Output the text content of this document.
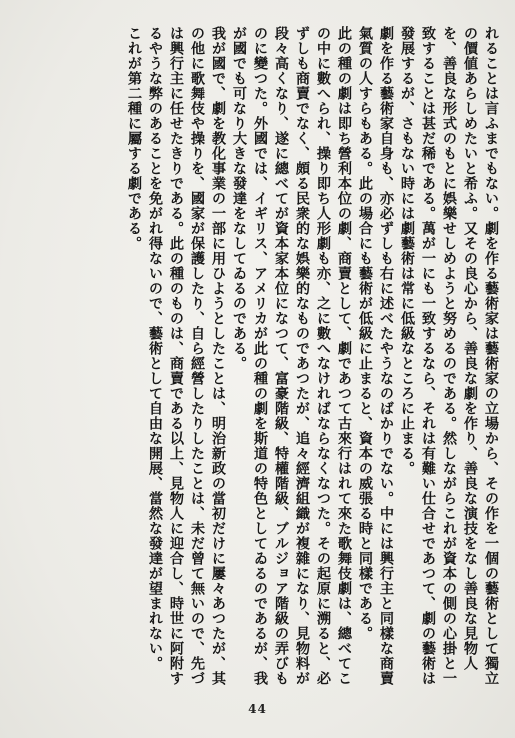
れることは言ふまでもない。劇を作る藝術家は藝術家の立場から、その作を一個の藝術として獨立の價値あらしめたいと希ふ。又その良心から、善良な劇を作り、善良な演技をなし善良な見物人を、善良な形式のもとに娯樂せしめようと努めるのである。然しながらこれが資本の側の心掛と一致することは甚だ稀である。萬が一にも一致するなら、それは有難い仕合せであつて、劇の藝術は發展するが、さもない時には劇藝術は常に低級なところに止まる。

劇を作る藝術家自身も、亦必ずしも右に述べたやうなのばかりでない。中には興行主と同樣な商賣氣質の人すらもある。此の場合にも藝術が低級に止まると、資本の威張る時と同樣である。

此の種の劇は即ち營利本位の劇、商賣として、劇であつて古來行はれて來た歌舞伎劇は、總べてこの中に數へられ、操り即ち人形劇も亦、之に數へなければならなくなつた。その起原に溯ると、必ずしも商賣でなく、頗る民衆的な娯樂的なものであつたが、追々經濟組織が複雜になり、見物料が段々高くなり、遂に總べてが資本家本位になつて、富豪階級、特權階級、ブルジョア階級の弄びものに變つた。外國では、イギリス、アメリカが此の種の劇を斯道の特色としてゐるのであるが、我が國でも可なり大きな發達をなしてゐるのである。

我が國で、劇を教化事業の一部に用ひようとしたことは、明治新政の當初だけに屢々あつたが、其の他に歌舞伎や操りを、國家が保護したり、自ら經營したりしたことは、未だ曾て無いので、先づは興行主に任せたきりである。此の種のものは、商賣である以上、見物人に迎合し、時世に阿附するやうな弊のあることを免がれ得ないので、藝術として自由な開展、當然な發達が望まれない。

これが第二種に屬する劇である。

44
